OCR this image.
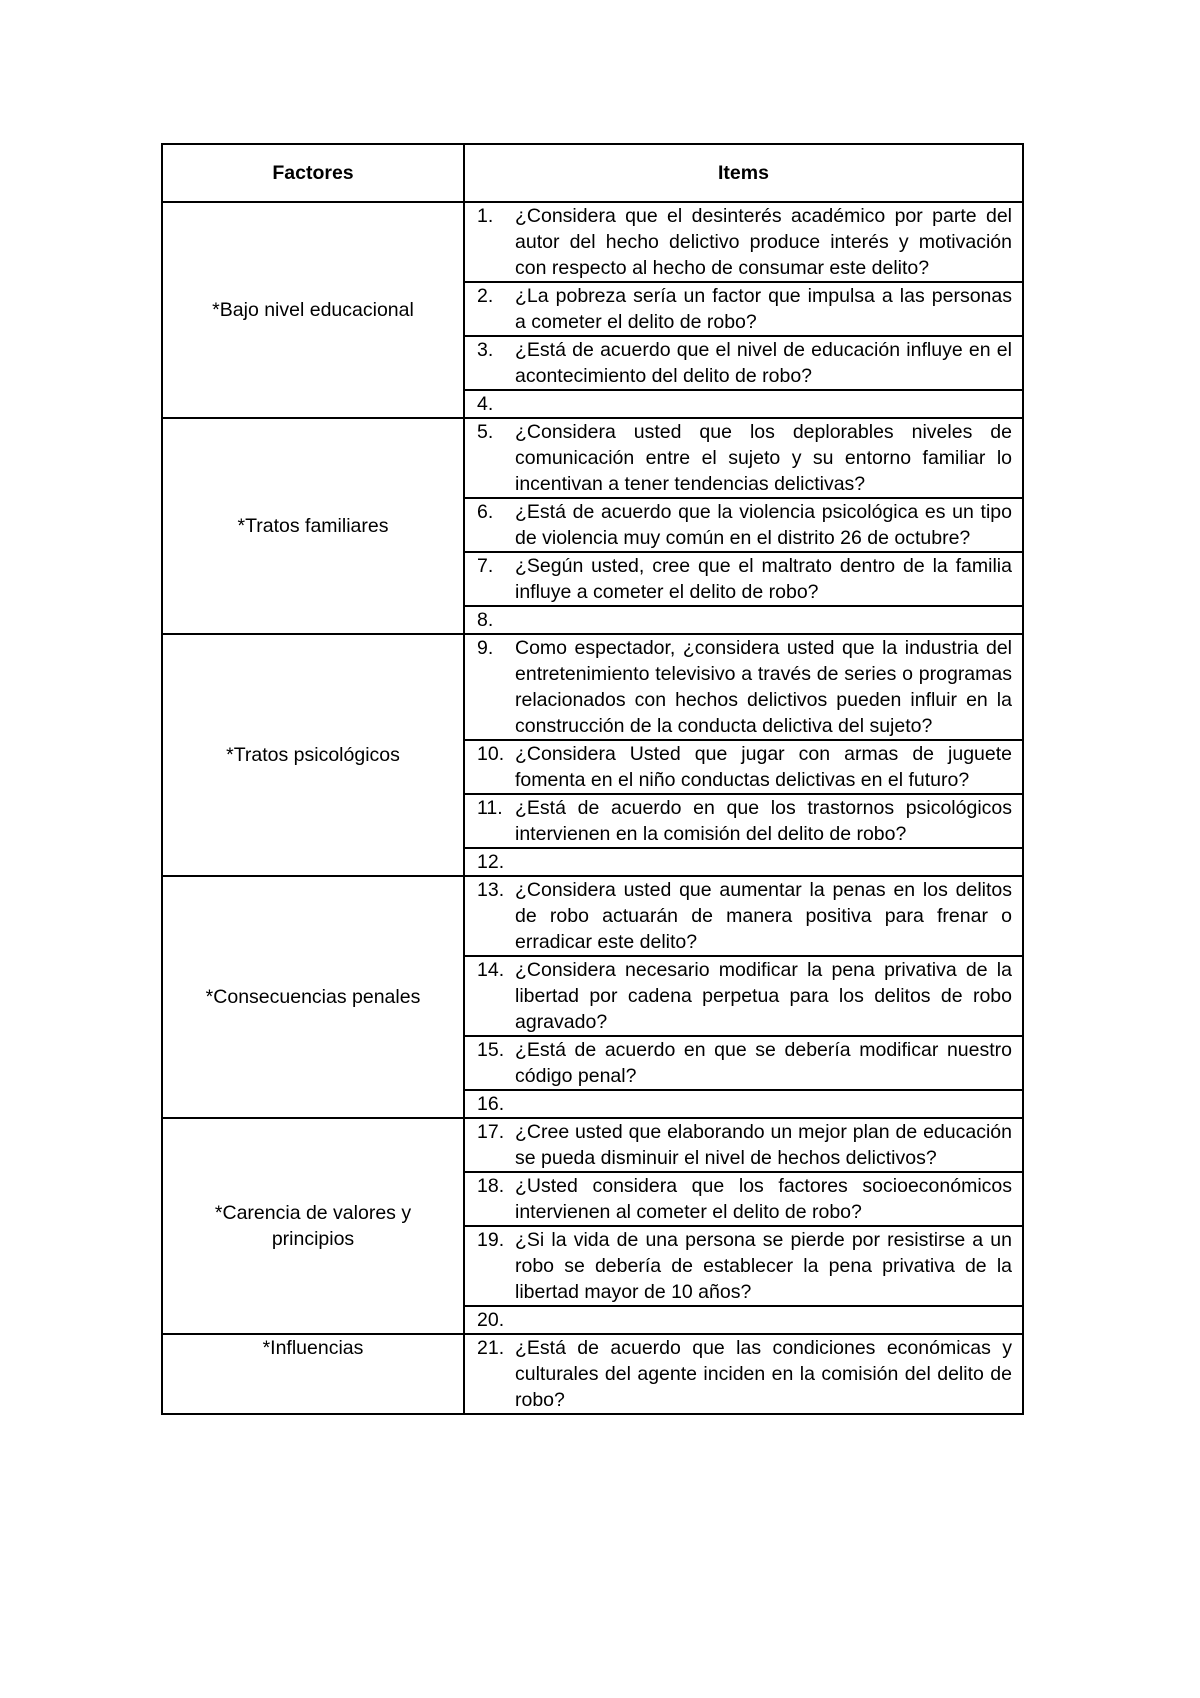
Factores	Items
*Bajo nivel educacional	1. ¿Considera que el desinterés académico por parte del autor del hecho delictivo produce interés y motivación con respecto al hecho de consumar este delito?

	2. ¿La pobreza sería un factor que impulsa a las personas a cometer el delito de robo?

	3. ¿Está de acuerdo que el nivel de educación influye en el acontecimiento del delito de robo?

	4.

*Tratos familiares	5. ¿Considera usted que los deplorables niveles de comunicación entre el sujeto y su entorno familiar lo incentivan a tener tendencias delictivas?

	6. ¿Está de acuerdo que la violencia psicológica es un tipo de violencia muy común en el distrito 26 de octubre?

	7. ¿Según usted, cree que el maltrato dentro de la familia influye a cometer el delito de robo?

	8.

*Tratos psicológicos	9. Como espectador, ¿considera usted que la industria del entretenimiento televisivo a través de series o programas relacionados con hechos delictivos pueden influir en la construcción de la conducta delictiva del sujeto?

	10. ¿Considera Usted que jugar con armas de juguete fomenta en el niño conductas delictivas en el futuro?

	11. ¿Está de acuerdo en que los trastornos psicológicos intervienen en la comisión del delito de robo?

	12.

*Consecuencias penales	13. ¿Considera usted que aumentar la penas en los delitos de robo actuarán de manera positiva para frenar o erradicar este delito?

	14. ¿Considera necesario modificar la pena privativa de la libertad por cadena perpetua para los delitos de robo agravado?

	15. ¿Está de acuerdo en que se debería modificar nuestro código penal?

	16.

*Carencia de valores y principios	17. ¿Cree usted que elaborando un mejor plan de educación se pueda disminuir el nivel de hechos delictivos?

	18. ¿Usted considera que los factores socioeconómicos intervienen al cometer el delito de robo?

	19. ¿Si la vida de una persona se pierde por resistirse a un robo se debería de establecer la pena privativa de la libertad mayor de 10 años?

	20.

*Influencias	21. ¿Está de acuerdo que las condiciones económicas y culturales del agente inciden en la comisión del delito de robo?
